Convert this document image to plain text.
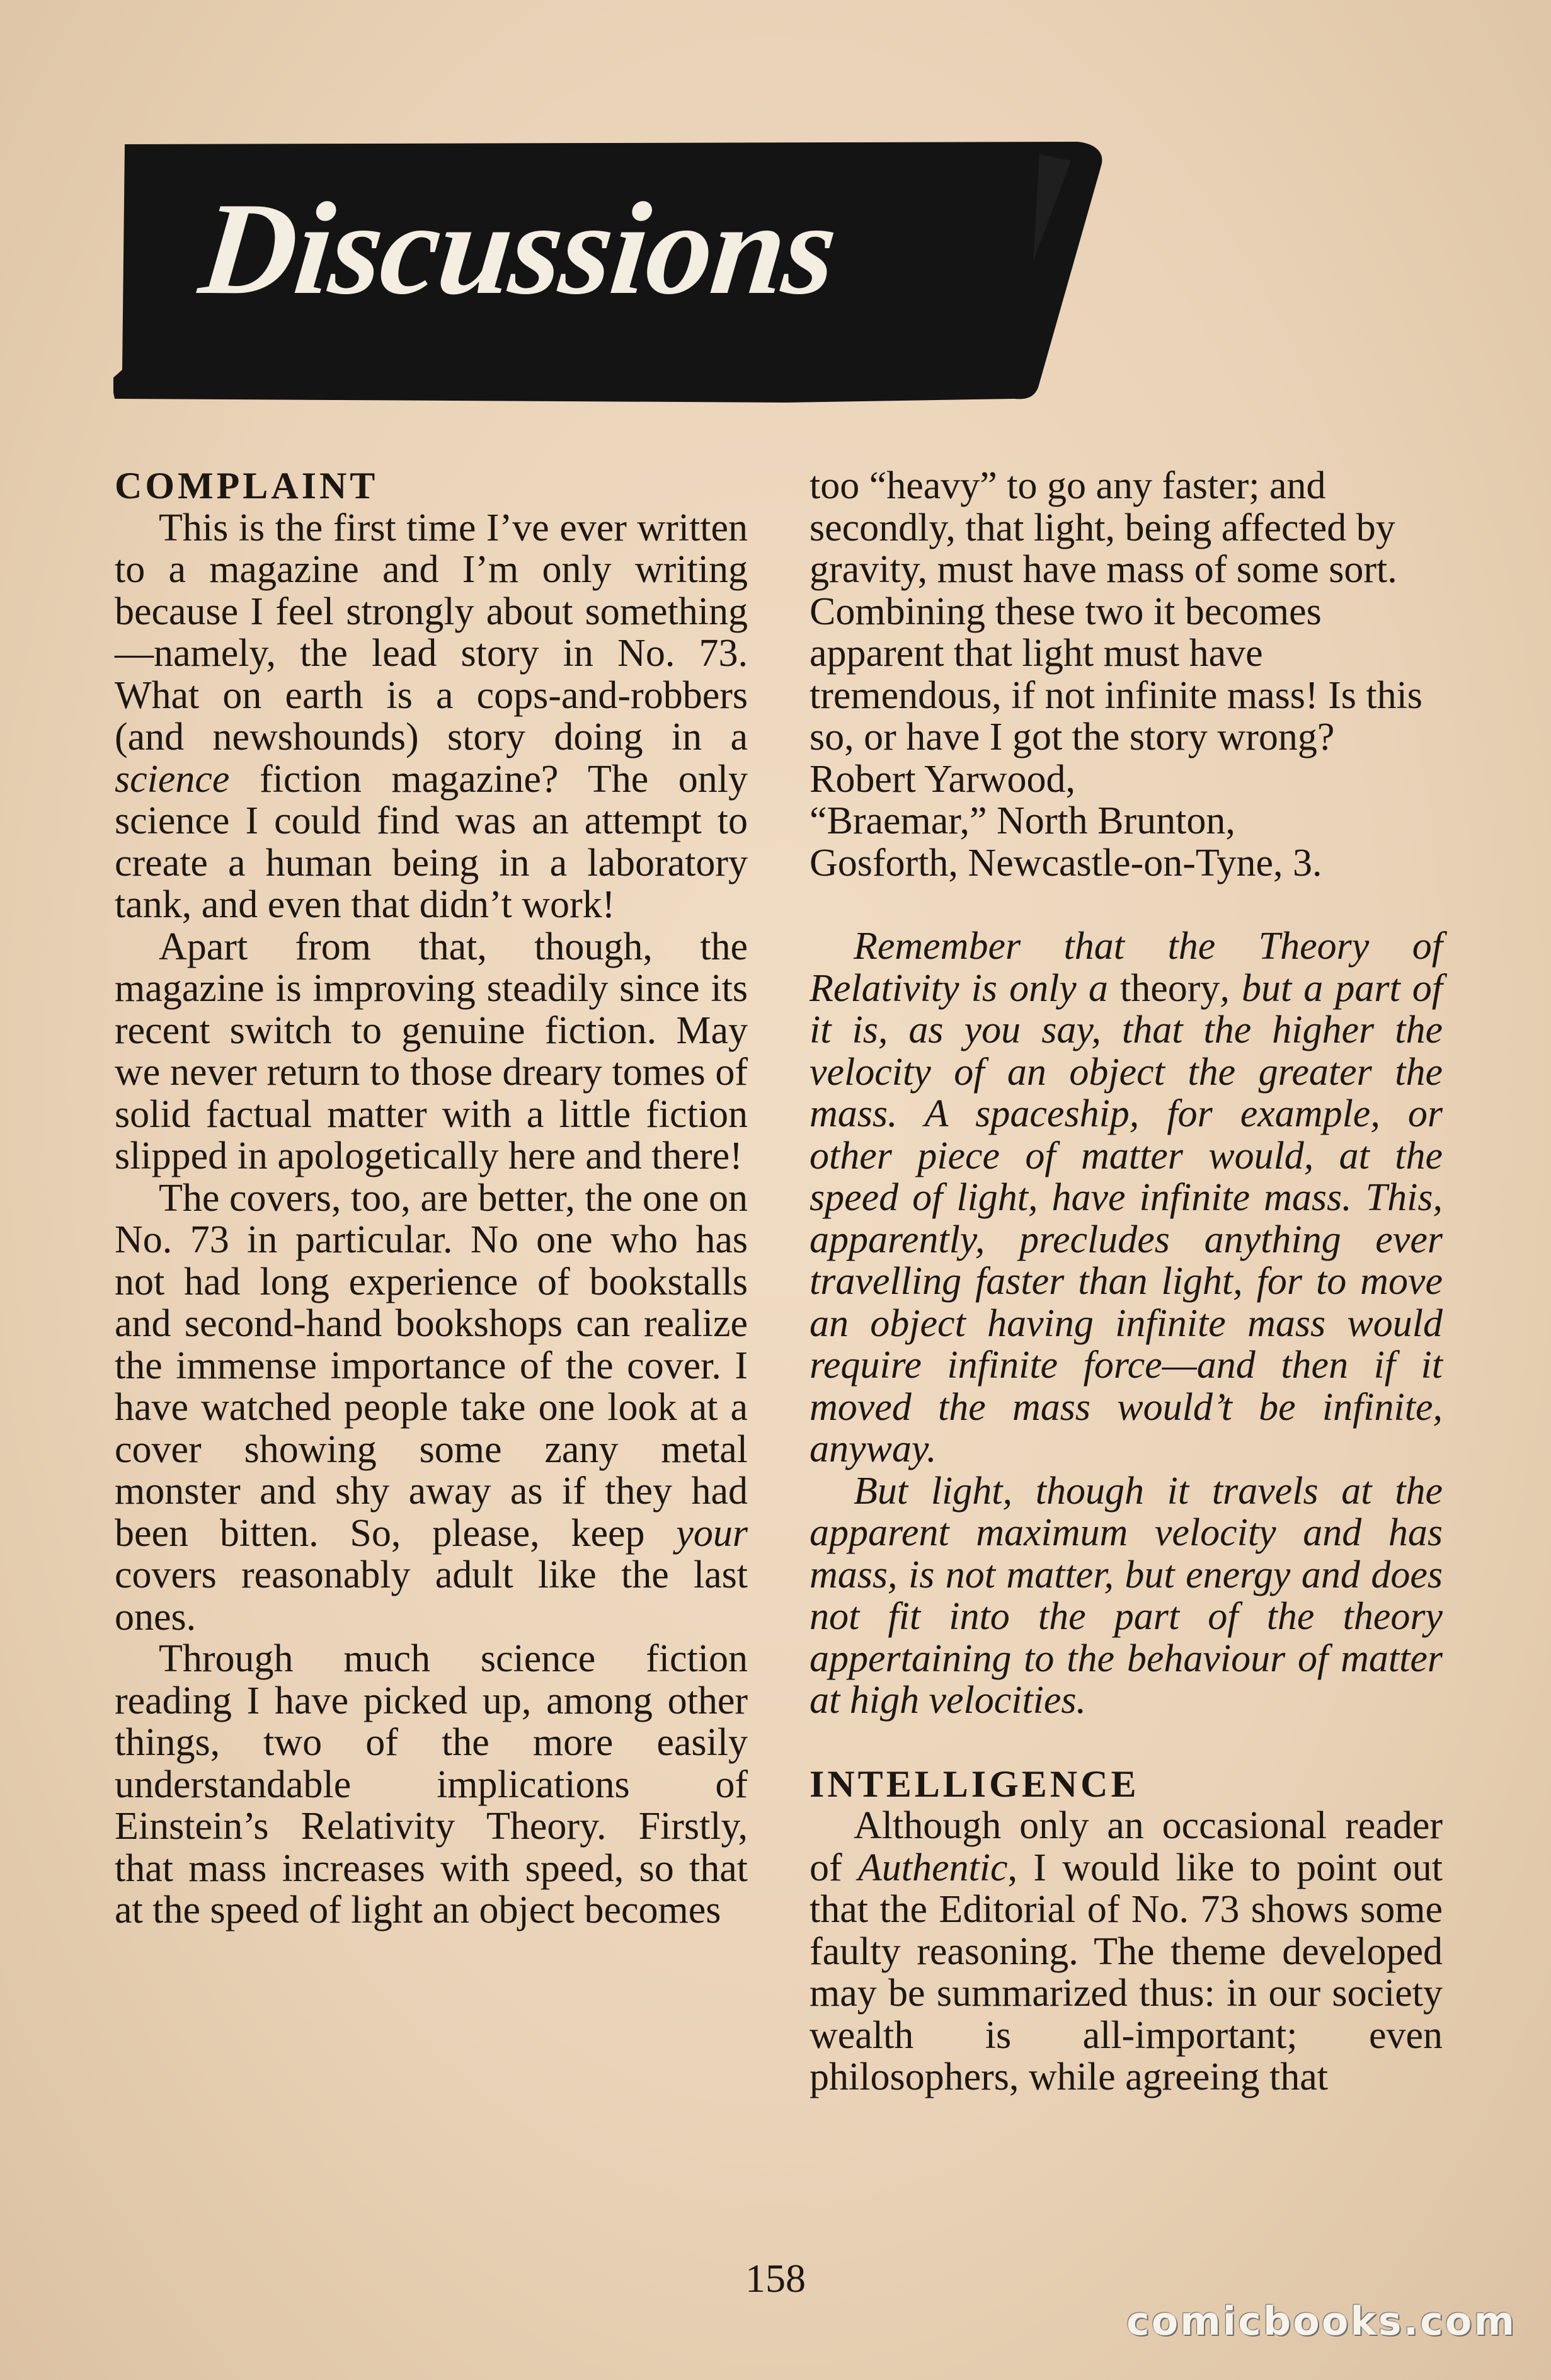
Discussions

COMPLAINT

This is the first time I’ve ever written to a magazine and I’m only writing because I feel strongly about something—namely, the lead story in No. 73. What on earth is a cops-and-robbers (and newshounds) story doing in a science fiction magazine? The only science I could find was an attempt to create a human being in a laboratory tank, and even that didn’t work!

Apart from that, though, the magazine is improving steadily since its recent switch to genuine fiction. May we never return to those dreary tomes of solid factual matter with a little fiction slipped in apologetically here and there!

The covers, too, are better, the one on No. 73 in particular. No one who has not had long experience of bookstalls and second-hand bookshops can realize the immense importance of the cover. I have watched people take one look at a cover showing some zany metal monster and shy away as if they had been bitten. So, please, keep your covers reasonably adult like the last ones.

Through much science fiction reading I have picked up, among other things, two of the more easily understandable implications of Einstein’s Relativity Theory. Firstly, that mass increases with speed, so that at the speed of light an object becomes

too “heavy” to go any faster; and secondly, that light, being affected by gravity, must have mass of some sort. Combining these two it becomes apparent that light must have tremendous, if not infinite mass! Is this so, or have I got the story wrong?

Robert Yarwood,
“Braemar,” North Brunton,
Gosforth, Newcastle-on-Tyne, 3.

Remember that the Theory of Relativity is only a theory, but a part of it is, as you say, that the higher the velocity of an object the greater the mass. A spaceship, for example, or other piece of matter would, at the speed of light, have infinite mass. This, apparently, precludes anything ever travelling faster than light, for to move an object having infinite mass would require infinite force—and then if it moved the mass would’t be infinite, anyway.

But light, though it travels at the apparent maximum velocity and has mass, is not matter, but energy and does not fit into the part of the theory appertaining to the behaviour of matter at high velocities.

INTELLIGENCE

Although only an occasional reader of Authentic, I would like to point out that the Editorial of No. 73 shows some faulty reasoning. The theme developed may be summarized thus: in our society wealth is all-important; even philosophers, while agreeing that

158
comicbooks.com
